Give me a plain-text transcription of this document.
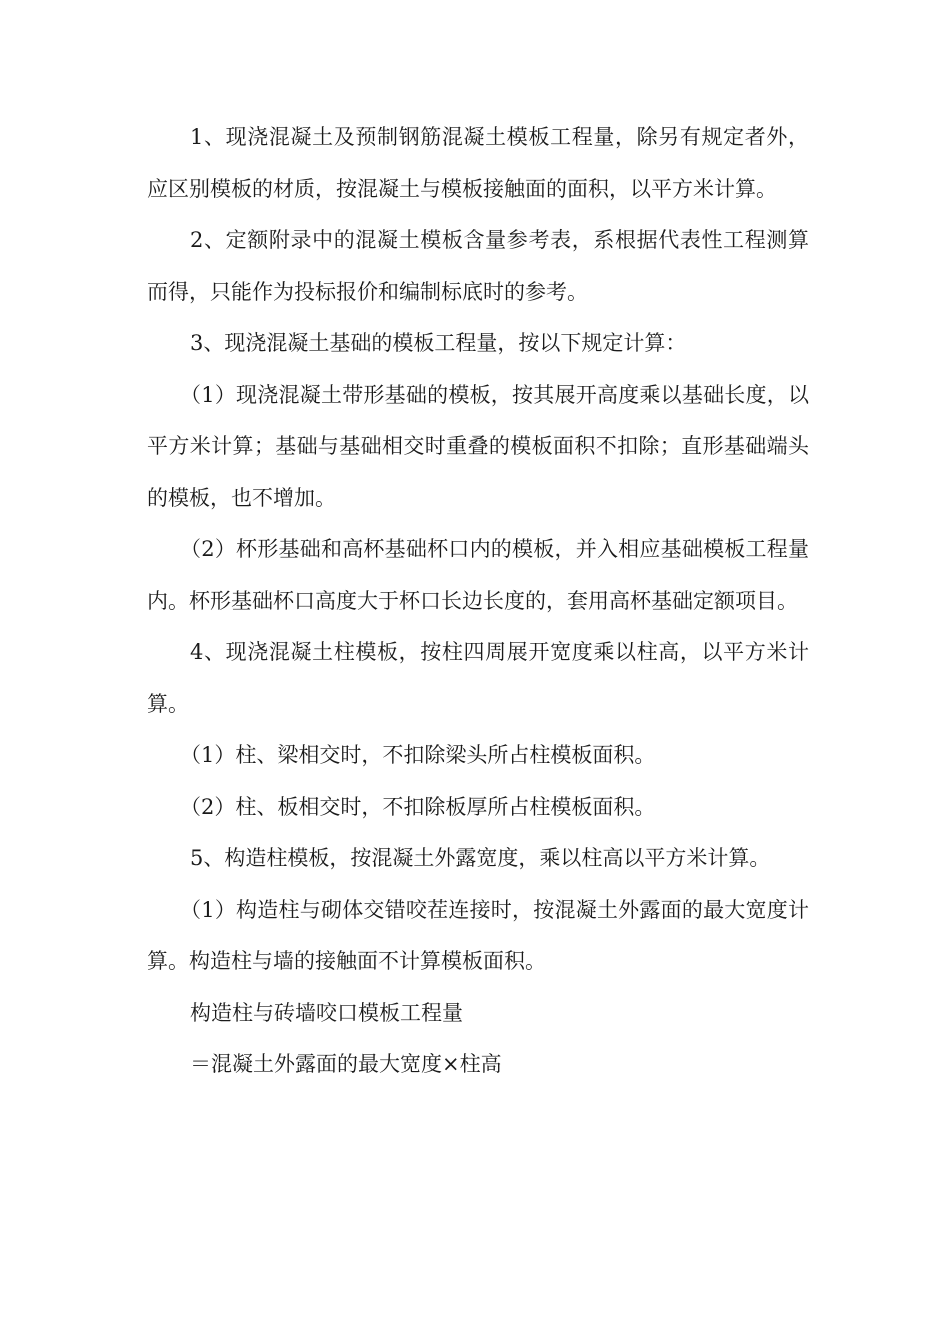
1、现浇混凝土及预制钢筋混凝土模板工程量，除另有规定者外，应区别模板的材质，按混凝土与模板接触面的面积，以平方米计算。

2、定额附录中的混凝土模板含量参考表，系根据代表性工程测算而得，只能作为投标报价和编制标底时的参考。

3、现浇混凝土基础的模板工程量，按以下规定计算：

（1）现浇混凝土带形基础的模板，按其展开高度乘以基础长度，以平方米计算；基础与基础相交时重叠的模板面积不扣除；直形基础端头的模板，也不增加。

（2）杯形基础和高杯基础杯口内的模板，并入相应基础模板工程量内。杯形基础杯口高度大于杯口长边长度的，套用高杯基础定额项目。

4、现浇混凝土柱模板，按柱四周展开宽度乘以柱高，以平方米计算。

（1）柱、梁相交时，不扣除梁头所占柱模板面积。

（2）柱、板相交时，不扣除板厚所占柱模板面积。

5、构造柱模板，按混凝土外露宽度，乘以柱高以平方米计算。

（1）构造柱与砌体交错咬茬连接时，按混凝土外露面的最大宽度计算。构造柱与墙的接触面不计算模板面积。

构造柱与砖墙咬口模板工程量

＝混凝土外露面的最大宽度×柱高
